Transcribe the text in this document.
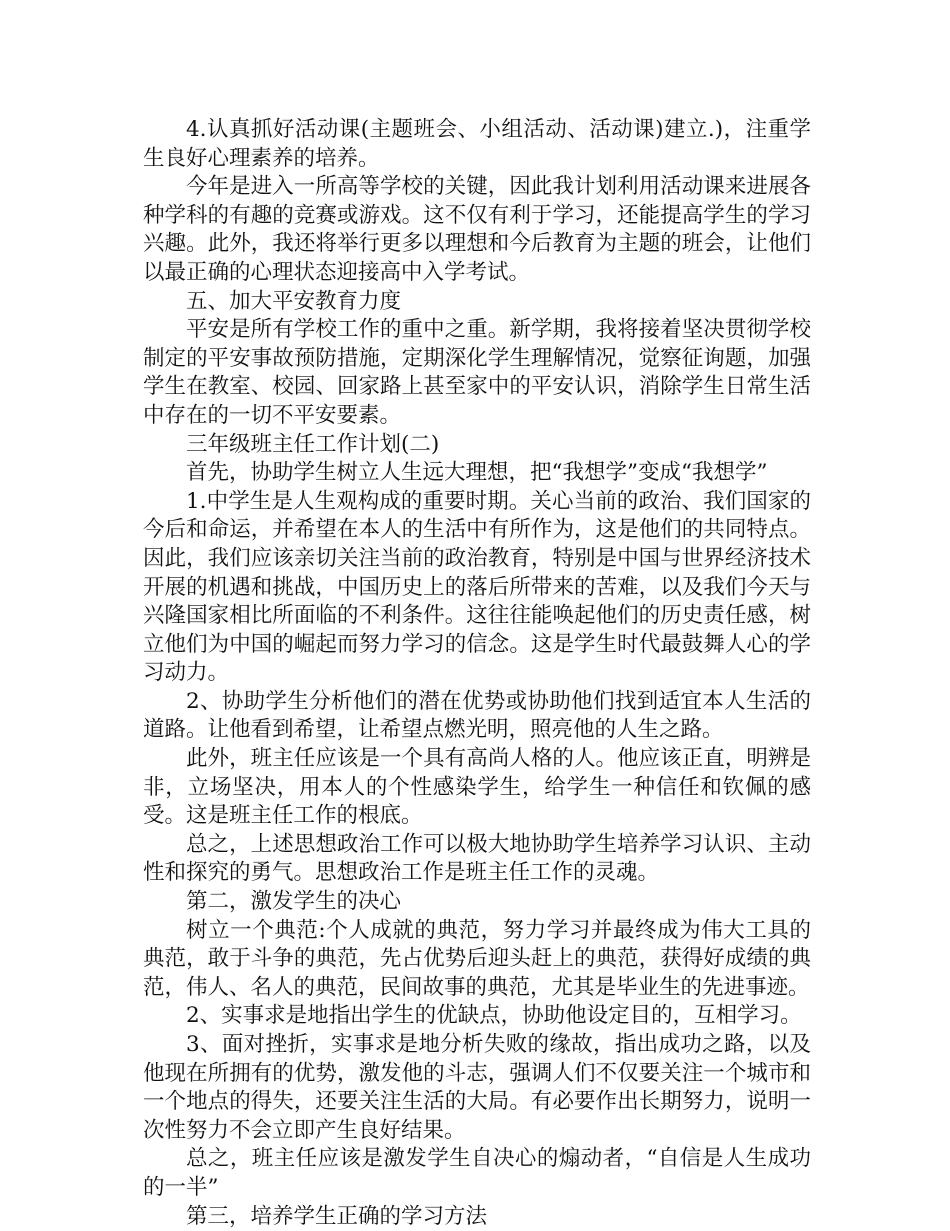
4.认真抓好活动课(主题班会、小组活动、活动课)建立.)，注重学生良好心理素养的培养。

今年是进入一所高等学校的关键，因此我计划利用活动课来进展各种学科的有趣的竞赛或游戏。这不仅有利于学习，还能提高学生的学习兴趣。此外，我还将举行更多以理想和今后教育为主题的班会，让他们以最正确的心理状态迎接高中入学考试。

五、加大平安教育力度

平安是所有学校工作的重中之重。新学期，我将接着坚决贯彻学校制定的平安事故预防措施，定期深化学生理解情况，觉察征询题，加强学生在教室、校园、回家路上甚至家中的平安认识，消除学生日常生活中存在的一切不平安要素。

三年级班主任工作计划(二)

首先，协助学生树立人生远大理想，把“我想学”变成“我想学”

1.中学生是人生观构成的重要时期。关心当前的政治、我们国家的今后和命运，并希望在本人的生活中有所作为，这是他们的共同特点。因此，我们应该亲切关注当前的政治教育，特别是中国与世界经济技术开展的机遇和挑战，中国历史上的落后所带来的苦难，以及我们今天与兴隆国家相比所面临的不利条件。这往往能唤起他们的历史责任感，树立他们为中国的崛起而努力学习的信念。这是学生时代最鼓舞人心的学习动力。

2、协助学生分析他们的潜在优势或协助他们找到适宜本人生活的道路。让他看到希望，让希望点燃光明，照亮他的人生之路。

此外，班主任应该是一个具有高尚人格的人。他应该正直，明辨是非，立场坚决，用本人的个性感染学生，给学生一种信任和钦佩的感受。这是班主任工作的根底。

总之，上述思想政治工作可以极大地协助学生培养学习认识、主动性和探究的勇气。思想政治工作是班主任工作的灵魂。

第二，激发学生的决心

树立一个典范:个人成就的典范，努力学习并最终成为伟大工具的典范，敢于斗争的典范，先占优势后迎头赶上的典范，获得好成绩的典范，伟人、名人的典范，民间故事的典范，尤其是毕业生的先进事迹。

2、实事求是地指出学生的优缺点，协助他设定目的，互相学习。

3、面对挫折，实事求是地分析失败的缘故，指出成功之路，以及他现在所拥有的优势，激发他的斗志，强调人们不仅要关注一个城市和一个地点的得失，还要关注生活的大局。有必要作出长期努力，说明一次性努力不会立即产生良好结果。

总之，班主任应该是激发学生自决心的煽动者，“自信是人生成功的一半”

第三，培养学生正确的学习方法
